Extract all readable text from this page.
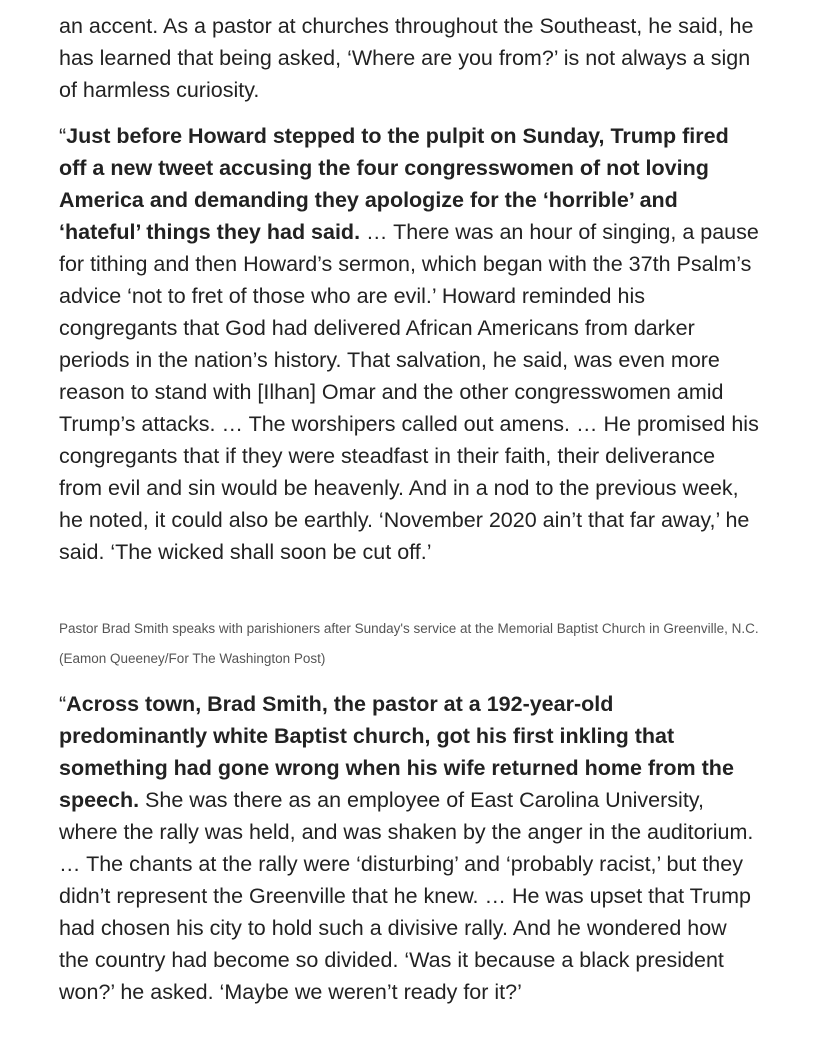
an accent. As a pastor at churches throughout the Southeast, he said, he has learned that being asked, ‘Where are you from?’ is not always a sign of harmless curiosity.

“Just before Howard stepped to the pulpit on Sunday, Trump fired off a new tweet accusing the four congresswomen of not loving America and demanding they apologize for the ‘horrible’ and ‘hateful’ things they had said. … There was an hour of singing, a pause for tithing and then Howard’s sermon, which began with the 37th Psalm’s advice ‘not to fret of those who are evil.’ Howard reminded his congregants that God had delivered African Americans from darker periods in the nation’s history. That salvation, he said, was even more reason to stand with [Ilhan] Omar and the other congresswomen amid Trump’s attacks. … The worshipers called out amens. … He promised his congregants that if they were steadfast in their faith, their deliverance from evil and sin would be heavenly. And in a nod to the previous week, he noted, it could also be earthly. ‘November 2020 ain’t that far away,’ he said. ‘The wicked shall soon be cut off.’

Pastor Brad Smith speaks with parishioners after Sunday's service at the Memorial Baptist Church in Greenville, N.C. (Eamon Queeney/For The Washington Post)

“Across town, Brad Smith, the pastor at a 192-year-old predominantly white Baptist church, got his first inkling that something had gone wrong when his wife returned home from the speech. She was there as an employee of East Carolina University, where the rally was held, and was shaken by the anger in the auditorium. … The chants at the rally were ‘disturbing’ and ‘probably racist,’ but they didn’t represent the Greenville that he knew. … He was upset that Trump had chosen his city to hold such a divisive rally. And he wondered how the country had become so divided. ‘Was it because a black president won?’ he asked. ‘Maybe we weren’t ready for it?’
